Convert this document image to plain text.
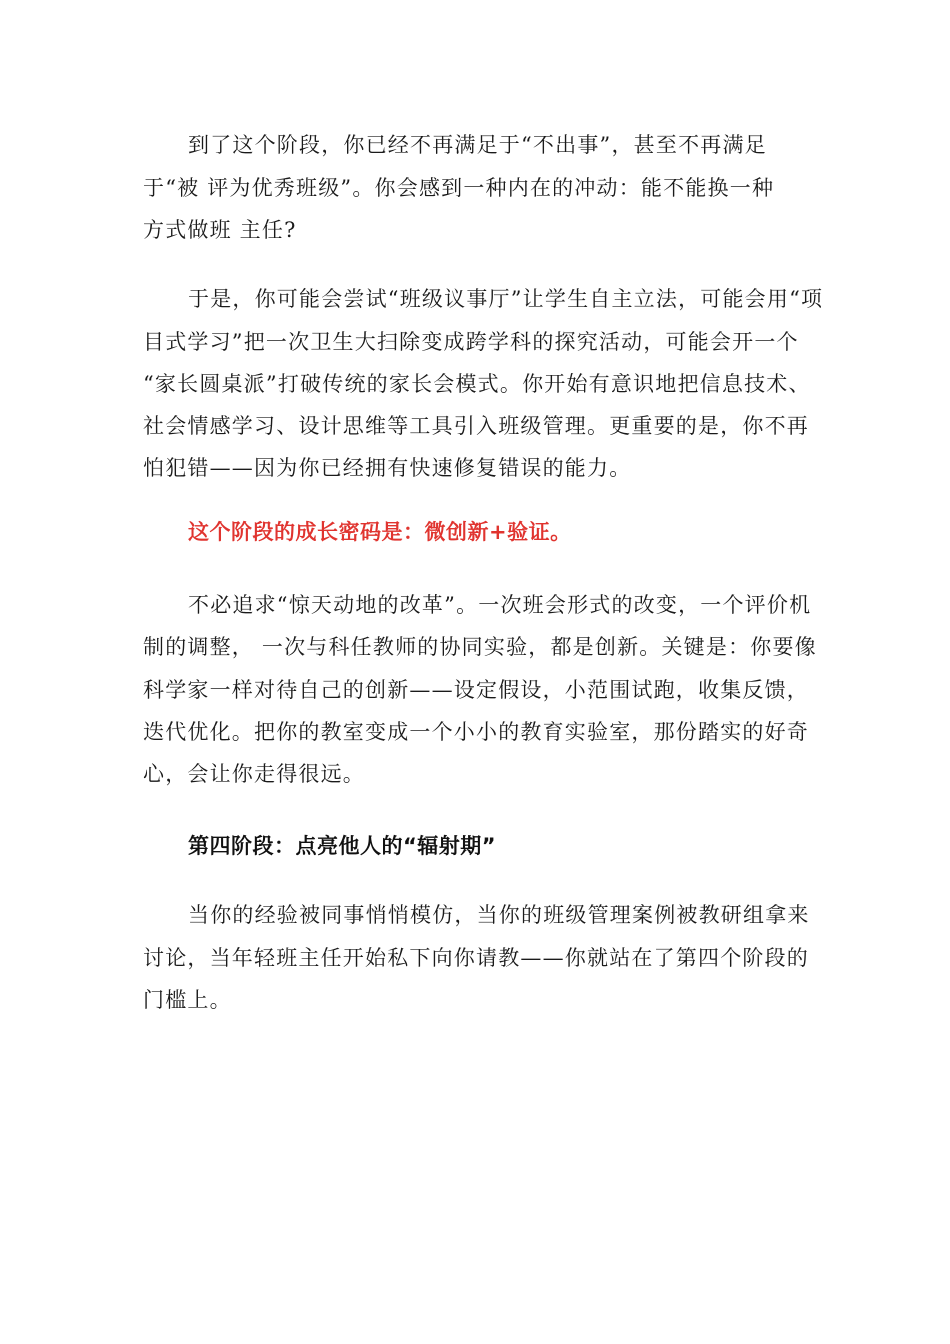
到了这个阶段，你已经不再满足于“不出事”，甚至不再满足

于“被 评为优秀班级”。你会感到一种内在的冲动：能不能换一种

方式做班 主任?

于是，你可能会尝试“班级议事厅”让学生自主立法，可能会用“项

目式学习”把一次卫生大扫除变成跨学科的探究活动，可能会开一个

“家长圆桌派”打破传统的家长会模式。你开始有意识地把信息技术、

社会情感学习、设计思维等工具引入班级管理。更重要的是，你不再

怕犯错——因为你已经拥有快速修复错误的能力。

这个阶段的成长密码是：微创新+验证。

不必追求“惊天动地的改革”。一次班会形式的改变，一个评价机

制的调整， 一次与科任教师的协同实验，都是创新。关键是：你要像

科学家一样对待自己的创新——设定假设，小范围试跑，收集反馈，

迭代优化。把你的教室变成一个小小的教育实验室，那份踏实的好奇

心，会让你走得很远。

第四阶段：点亮他人的“辐射期”

当你的经验被同事悄悄模仿，当你的班级管理案例被教研组拿来

讨论，当年轻班主任开始私下向你请教——你就站在了第四个阶段的

门槛上。
